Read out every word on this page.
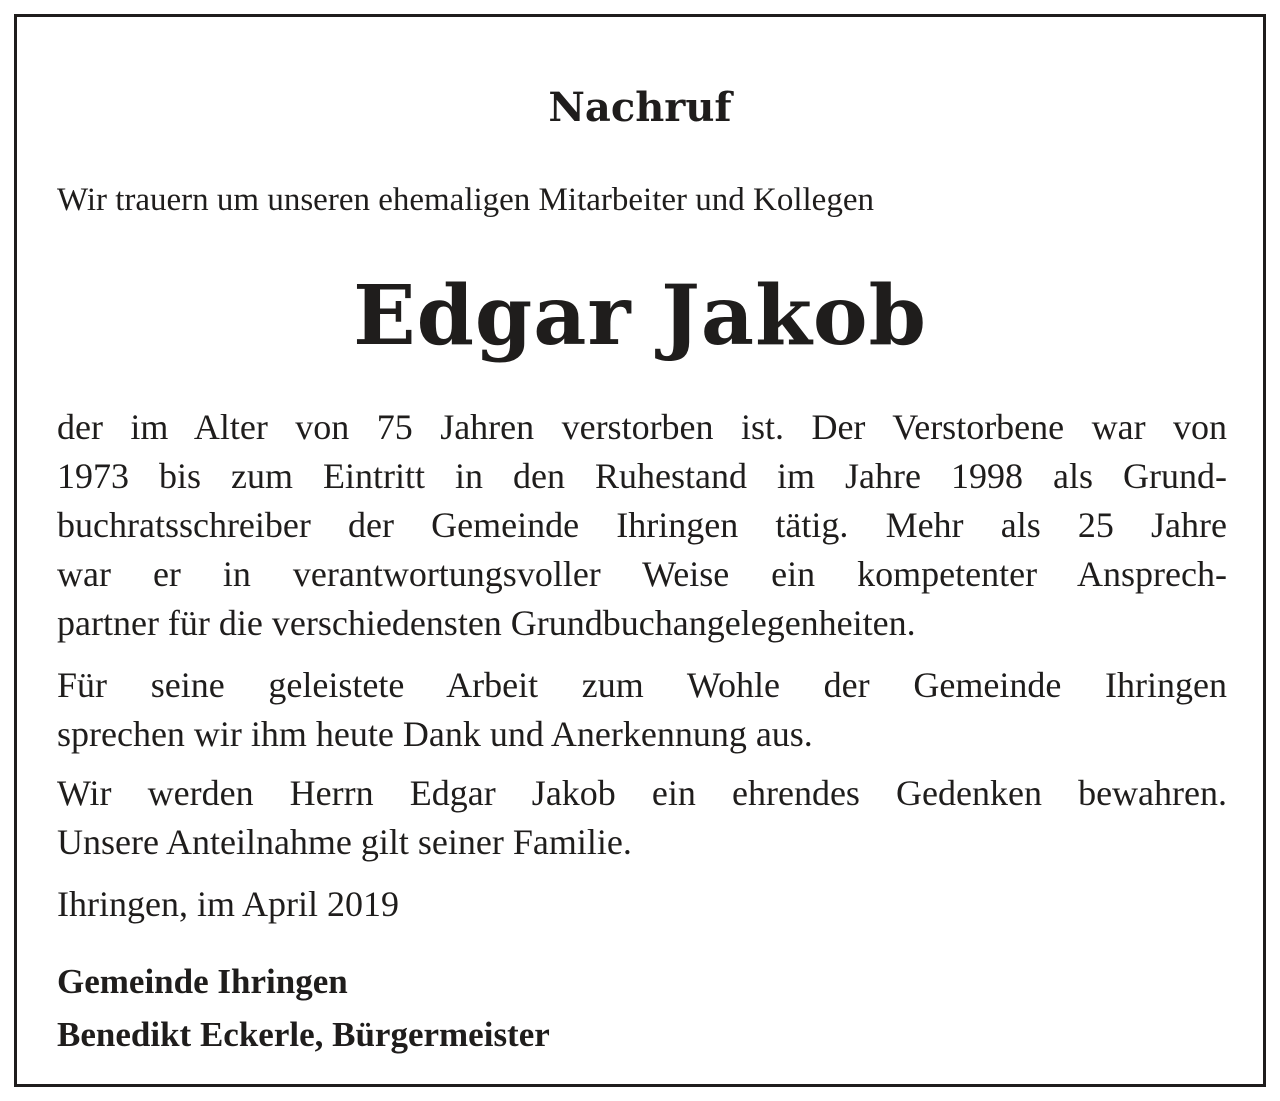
Nachruf
Wir trauern um unseren ehemaligen Mitarbeiter und Kollegen
Edgar Jakob

der im Alter von 75 Jahren verstorben ist. Der Verstorbene war von
1973 bis zum Eintritt in den Ruhestand im Jahre 1998 als Grund-
buchratsschreiber der Gemeinde Ihringen tätig. Mehr als 25 Jahre
war er in verantwortungsvoller Weise ein kompetenter Ansprech-
partner für die verschiedensten Grundbuchangelegenheiten.

Für seine geleistete Arbeit zum Wohle der Gemeinde Ihringen
sprechen wir ihm heute Dank und Anerkennung aus.

Wir werden Herrn Edgar Jakob ein ehrendes Gedenken bewahren.
Unsere Anteilnahme gilt seiner Familie.

Ihringen, im April 2019
Gemeinde Ihringen
Benedikt Eckerle, Bürgermeister
